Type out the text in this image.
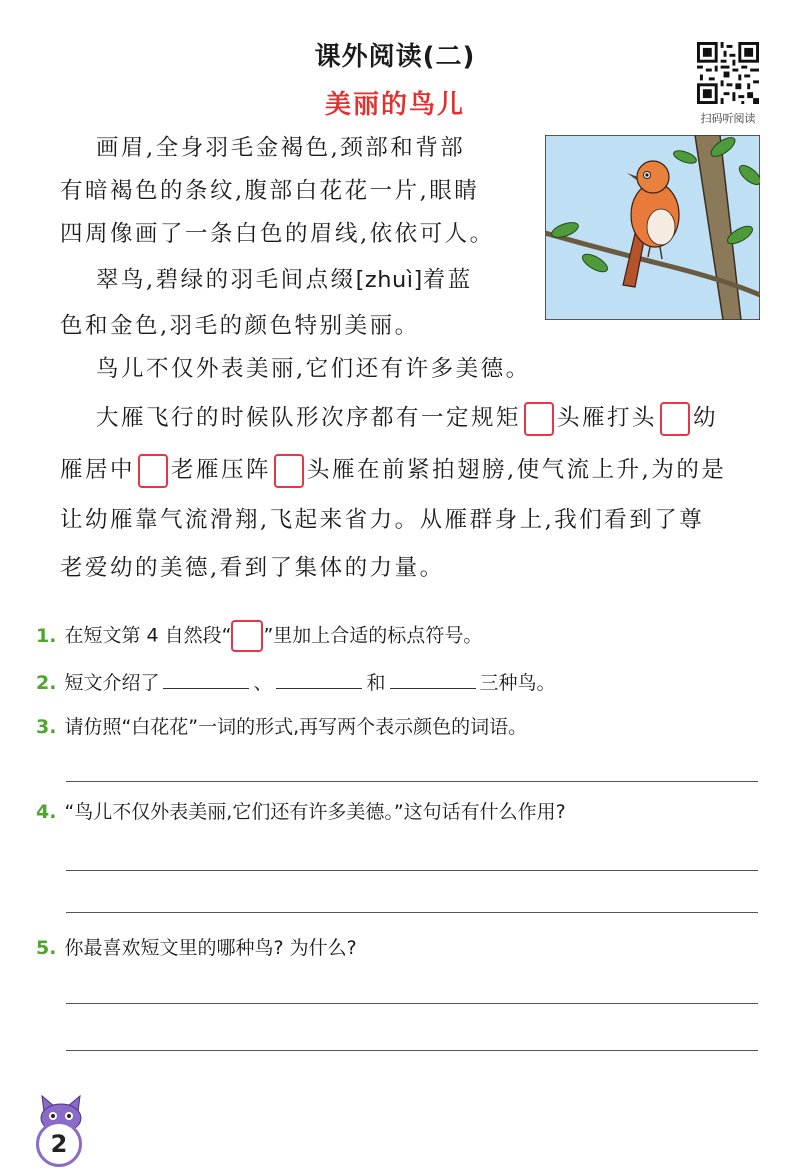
课外阅读(二)
美丽的鸟儿	扫码听阅读
画眉,全身羽毛金褐色,颈部和背部
有暗褐色的条纹,腹部白花花一片,眼睛
四周像画了一条白色的眉线,依依可人。
翠鸟,碧绿的羽毛间点缀[zhuì]着蓝
色和金色,羽毛的颜色特别美丽。
鸟儿不仅外表美丽,它们还有许多美德。
大雁飞行的时候队形次序都有一定规矩 头雁打头 幼
雁居中 老雁压阵 头雁在前紧拍翅膀,使气流上升,为的是
让幼雁靠气流滑翔,飞起来省力。从雁群身上,我们看到了尊
老爱幼的美德,看到了集体的力量。
1. 在短文第 4 自然段“ ”里加上合适的标点符号。
2. 短文介绍了	、	和	三种鸟。
3. 请仿照“白花花”一词的形式,再写两个表示颜色的词语。
4. “鸟儿不仅外表美丽,它们还有许多美德。”这句话有什么作用?
5. 你最喜欢短文里的哪种鸟? 为什么?
2
